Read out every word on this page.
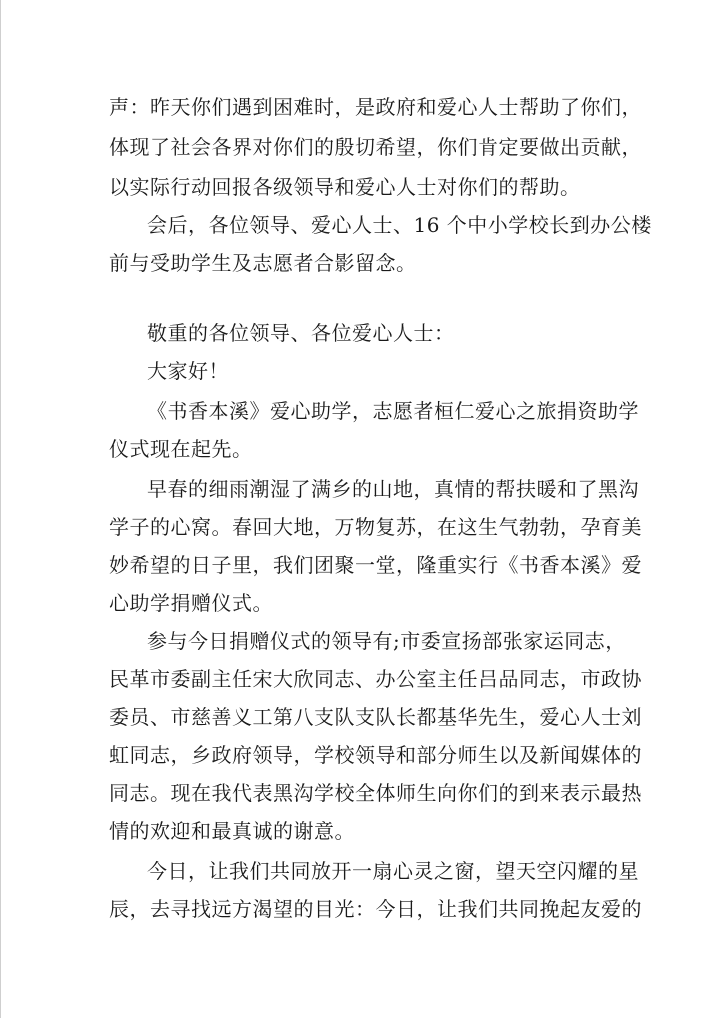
声：昨天你们遇到困难时，是政府和爱心人士帮助了你们，

体现了社会各界对你们的殷切希望，你们肯定要做出贡献，

以实际行动回报各级领导和爱心人士对你们的帮助。

会后，各位领导、爱心人士、16 个中小学校长到办公楼

前与受助学生及志愿者合影留念。

敬重的各位领导、各位爱心人士：

大家好！

《书香本溪》爱心助学，志愿者桓仁爱心之旅捐资助学

仪式现在起先。

早春的细雨潮湿了满乡的山地，真情的帮扶暖和了黑沟

学子的心窝。春回大地，万物复苏，在这生气勃勃，孕育美

妙希望的日子里，我们团聚一堂，隆重实行《书香本溪》爱

心助学捐赠仪式。

参与今日捐赠仪式的领导有;市委宣扬部张家运同志，

民革市委副主任宋大欣同志、办公室主任吕品同志，市政协

委员、市慈善义工第八支队支队长都基华先生，爱心人士刘

虹同志，乡政府领导，学校领导和部分师生以及新闻媒体的

同志。现在我代表黑沟学校全体师生向你们的到来表示最热

情的欢迎和最真诚的谢意。

今日，让我们共同放开一扇心灵之窗，望天空闪耀的星

辰，去寻找远方渴望的目光：今日，让我们共同挽起友爱的
